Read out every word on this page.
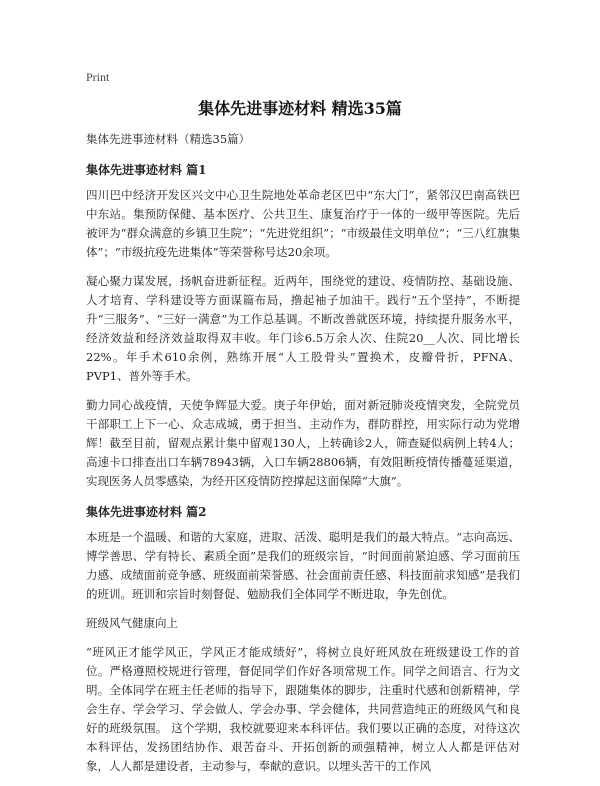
Print
集体先进事迹材料 精选35篇

集体先进事迹材料（精选35篇）

集体先进事迹材料 篇1

四川巴中经济开发区兴文中心卫生院地处革命老区巴中“东大门”，紧邻汉巴南高铁巴中东站。集预防保健、基本医疗、公共卫生、康复治疗于一体的一级甲等医院。先后被评为“群众满意的乡镇卫生院”；“先进党组织”；“市级最佳文明单位”；“三八红旗集体”；“市级抗疫先进集体”等荣誉称号达20余项。

凝心聚力谋发展，扬帆奋进新征程。近两年，围绕党的建设、疫情防控、基础设施、人才培育、学科建设等方面谋篇布局，撸起袖子加油干。践行“五个坚持”，不断提升“三服务”、“三好一满意”为工作总基调。不断改善就医环境，持续提升服务水平，经济效益和经济效益取得双丰收。年门诊6.5万余人次、住院20__人次、同比增长22%。年手术610余例，熟练开展“人工股骨头”置换术，皮瓣骨折，PFNA、PVP1、普外等手术。

勤力同心战疫情，天使争辉显大爱。庚子年伊始，面对新冠肺炎疫情突发，全院党员干部职工上下一心、众志成城，勇于担当、主动作为，群防群控，用实际行动为党增辉！截至目前，留观点累计集中留观130人，上转确诊2人，筛查疑似病例上转4人；高速卡口排查出口车辆78943辆，入口车辆28806辆，有效阻断疫情传播蔓延渠道，实现医务人员零感染，为经开区疫情防控撑起这面保障“大旗”。

集体先进事迹材料 篇2

本班是一个温暖、和谐的大家庭，进取、活泼、聪明是我们的最大特点。“志向高远、博学善思、学有特长、素质全面”是我们的班级宗旨，“时间面前紧迫感、学习面前压力感、成绩面前竞争感、班级面前荣誉感、社会面前责任感、科技面前求知感”是我们的班训。班训和宗旨时刻督促、勉励我们全体同学不断进取，争先创优。

班级风气健康向上

“班风正才能学风正，学风正才能成绩好”，将树立良好班风放在班级建设工作的首位。严格遵照校规进行管理，督促同学们作好各项常规工作。同学之间语言、行为文明。全体同学在班主任老师的指导下，跟随集体的脚步，注重时代感和创新精神，学会生存、学会学习、学会做人、学会办事、学会健体，共同营造纯正的班级风气和良好的班级氛围。 这个学期，我校就要迎来本科评估。我们要以正确的态度，对待这次本科评估，发扬团结协作、艰苦奋斗、开拓创新的顽强精神，树立人人都是评估对象，人人都是建设者，主动参与，奉献的意识。以埋头苦干的工作风
